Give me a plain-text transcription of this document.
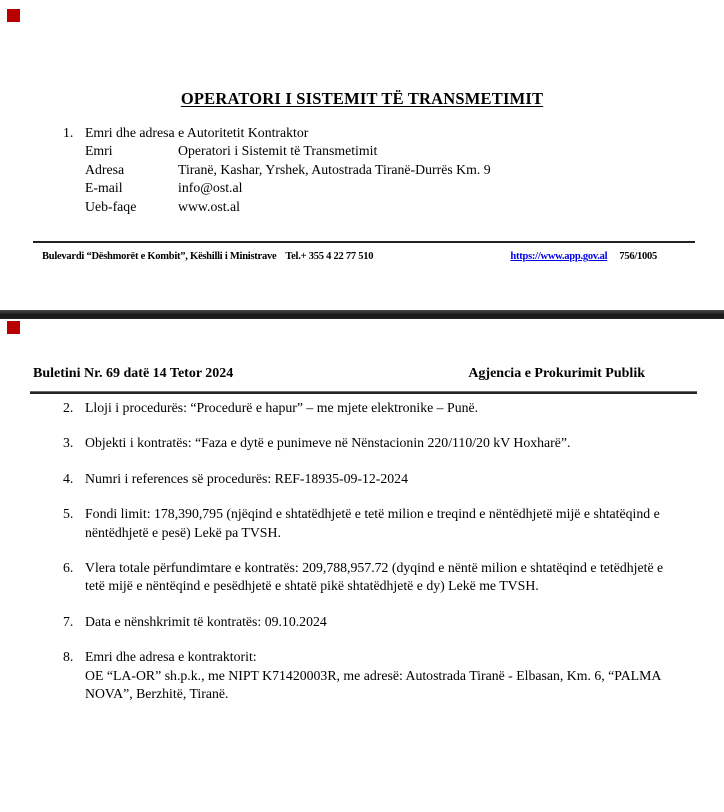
OPERATORI I SISTEMIT TË TRANSMETIMIT
1. Emri dhe adresa e Autoritetit Kontraktor
Emri	Operatori i Sistemit të Transmetimit
Adresa	Tiranë, Kashar, Yrshek, Autostrada Tiranë-Durrës Km. 9
E-mail	info@ost.al
Ueb-faqe	www.ost.al
Bulevardi “Dëshmorët e Kombit”, Këshilli i Ministrave Tel.+ 355 4 22 77 510	https://www.app.gov.al 756/1005
Buletini Nr. 69 datë 14 Tetor 2024	Agjencia e Prokurimit Publik
2. Lloji i procedurës: “Procedurë e hapur” – me mjete elektronike – Punë.
3. Objekti i kontratës: “Faza e dytë e punimeve në Nënstacionin 220/110/20 kV Hoxharë”.
4. Numri i references së procedurës: REF-18935-09-12-2024
5. Fondi limit: 178,390,795 (njëqind e shtatëdhjetë e tetë milion e treqind e nëntëdhjetë mijë e shtatëqind e nëntëdhjetë e pesë) Lekë pa TVSH.
6. Vlera totale përfundimtare e kontratës: 209,788,957.72 (dyqind e nëntë milion e shtatëqind e tetëdhjetë e tetë mijë e nëntëqind e pesëdhjetë e shtatë pikë shtatëdhjetë e dy) Lekë me TVSH.
7. Data e nënshkrimit të kontratës: 09.10.2024
8. Emri dhe adresa e kontraktorit:
OE “LA-OR” sh.p.k., me NIPT K71420003R, me adresë: Autostrada Tiranë - Elbasan, Km. 6, “PALMA NOVA”, Berzhitë, Tiranë.
